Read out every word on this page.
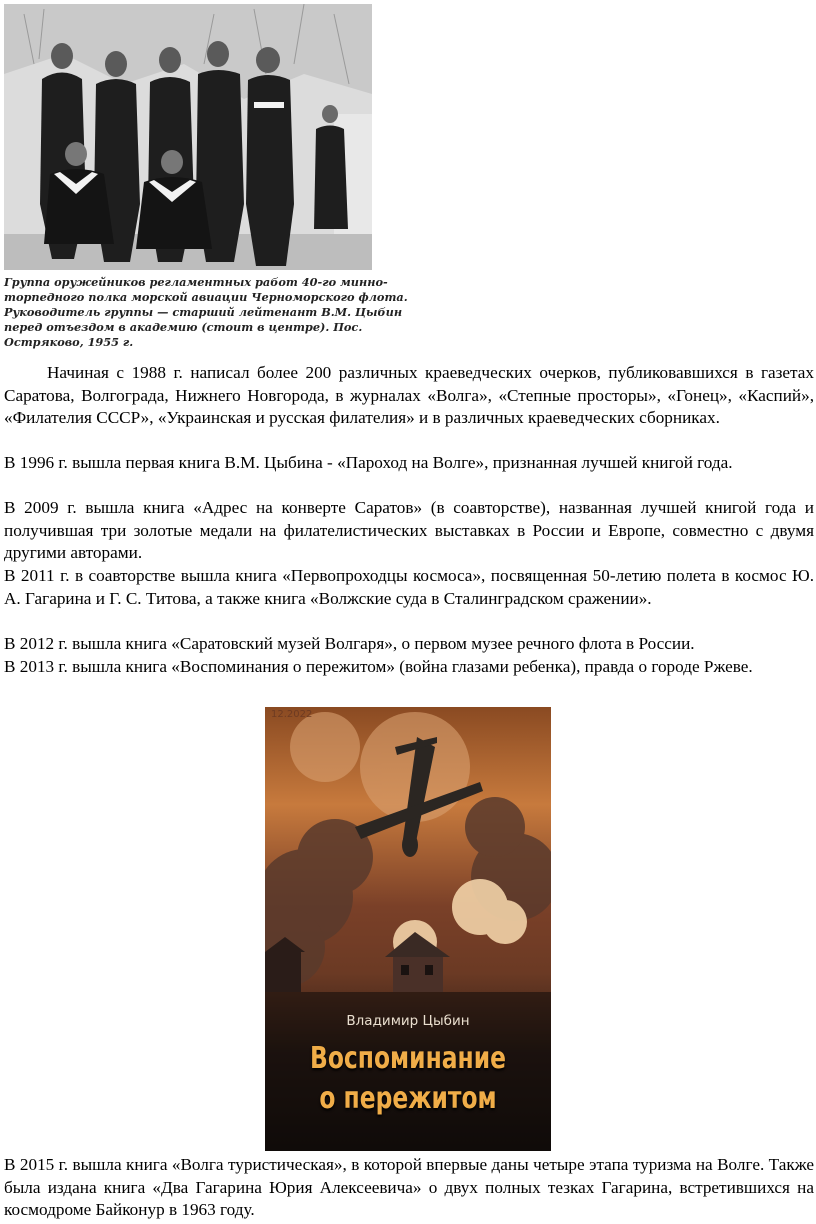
Группа оружейников регламентных работ 40-го минно-
торпедного полка морской авиации Черноморского флота.
Руководитель группы — старший лейтенант В.М. Цыбин
перед отъездом в академию (стоит в центре). Пос.
Остряково, 1955 г.

Начиная с 1988 г. написал более 200 различных краеведческих очерков, публиковавшихся в газетах Саратова, Волгограда, Нижнего Новгорода, в журналах «Волга», «Степные просторы», «Гонец», «Каспий», «Филателия СССР», «Украинская и русская филателия» и в различных краеведческих сборниках.

В 1996 г. вышла первая книга В.М. Цыбина - «Пароход на Волге», признанная лучшей книгой года.

В 2009 г. вышла книга «Адрес на конверте Саратов» (в соавторстве), названная лучшей книгой года и получившая три золотые медали на филателистических выставках в России и Европе, совместно с двумя другими авторами.

В 2011 г. в соавторстве вышла книга «Первопроходцы космоса», посвященная 50-летию полета в космос Ю. А. Гагарина и Г. С. Титова, а также книга «Волжские суда в Сталинградском сражении».

В 2012 г. вышла книга «Саратовский музей Волгаря», о первом музее речного флота в России.

В 2013 г. вышла книга «Воспоминания о пережитом» (война глазами ребенка), правда о городе Ржеве.

12.2022
Владимир Цыбин
Воспоминание
о пережитом

В 2015 г. вышла книга «Волга туристическая», в которой впервые даны четыре этапа туризма на Волге. Также была издана книга «Два Гагарина Юрия Алексеевича» о двух полных тезках Гагарина, встретившихся на космодроме Байконур в 1963 году.
